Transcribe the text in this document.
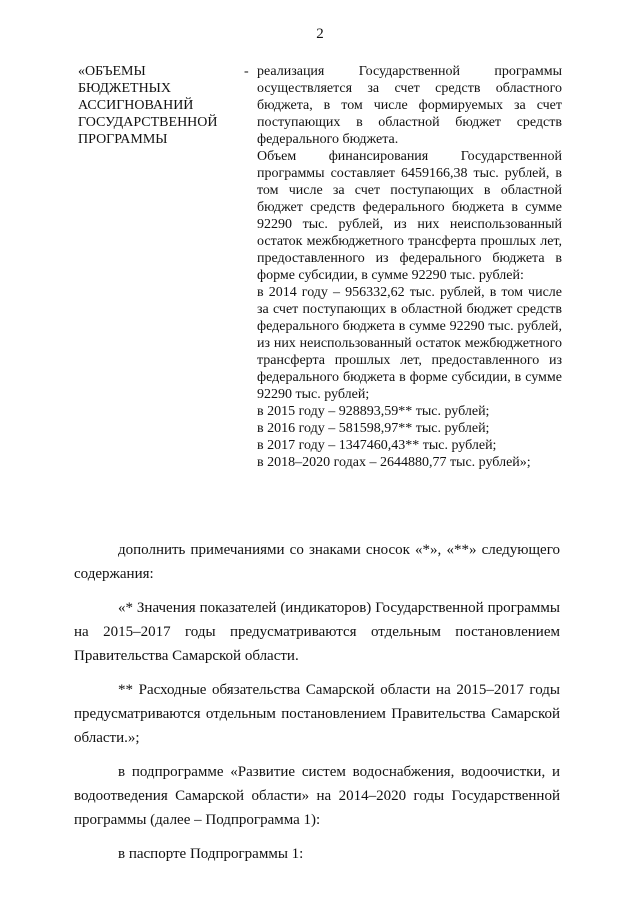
2
«ОБЪЕМЫ
БЮДЖЕТНЫХ
АССИГНОВАНИЙ
ГОСУДАРСТВЕННОЙ
ПРОГРАММЫ
- реализация Государственной программы осуществляется за счет средств областного бюджета, в том числе формируемых за счет поступающих в областной бюджет средств федерального бюджета.
Объем финансирования Государственной программы составляет 6459166,38 тыс. рублей, в том числе за счет поступающих в областной бюджет средств федерального бюджета в сумме 92290 тыс. рублей, из них неиспользованный остаток межбюджетного трансферта прошлых лет, предоставленного из федерального бюджета в форме субсидии, в сумме 92290 тыс. рублей:
в 2014 году – 956332,62 тыс. рублей, в том числе за счет поступающих в областной бюджет средств федерального бюджета в сумме 92290 тыс. рублей, из них неиспользованный остаток межбюджетного трансферта прошлых лет, предоставленного из федерального бюджета в форме субсидии, в сумме 92290 тыс. рублей;
в 2015 году – 928893,59** тыс. рублей;
в 2016 году – 581598,97** тыс. рублей;
в 2017 году – 1347460,43** тыс. рублей;
в 2018–2020 годах – 2644880,77 тыс. рублей»;

дополнить примечаниями со знаками сносок «*», «**» следующего содержания:

«* Значения показателей (индикаторов) Государственной программы на 2015–2017 годы предусматриваются отдельным постановлением Правительства Самарской области.

** Расходные обязательства Самарской области на 2015–2017 годы предусматриваются отдельным постановлением Правительства Самарской области.»;

в подпрограмме «Развитие систем водоснабжения, водоочистки, и водоотведения Самарской области» на 2014–2020 годы Государственной программы (далее – Подпрограмма 1):

в паспорте Подпрограммы 1:
